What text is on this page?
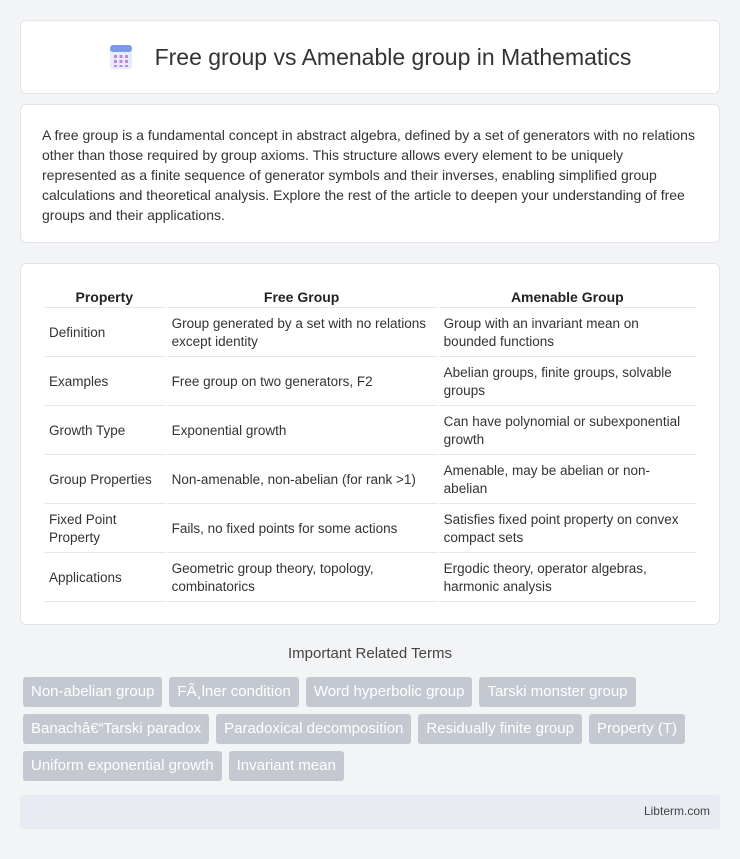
Free group vs Amenable group in Mathematics

A free group is a fundamental concept in abstract algebra, defined by a set of generators with no relations other than those required by group axioms. This structure allows every element to be uniquely represented as a finite sequence of generator symbols and their inverses, enabling simplified group calculations and theoretical analysis. Explore the rest of the article to deepen your understanding of free groups and their applications.

Property	Free Group	Amenable Group
Definition	Group generated by a set with no relations except identity	Group with an invariant mean on bounded functions
Examples	Free group on two generators, F2	Abelian groups, finite groups, solvable groups
Growth Type	Exponential growth	Can have polynomial or subexponential growth
Group Properties	Non-amenable, non-abelian (for rank >1)	Amenable, may be abelian or non-abelian
Fixed Point Property	Fails, no fixed points for some actions	Satisfies fixed point property on convex compact sets
Applications	Geometric group theory, topology, combinatorics	Ergodic theory, operator algebras, harmonic analysis
Important Related Terms
Non-abelian group	FÃ¸lner condition	Word hyperbolic group	Tarski monster group
Banachâ€“Tarski paradox	Paradoxical decomposition	Residually finite group	Property (T)
Uniform exponential growth	Invariant mean
Libterm.com
